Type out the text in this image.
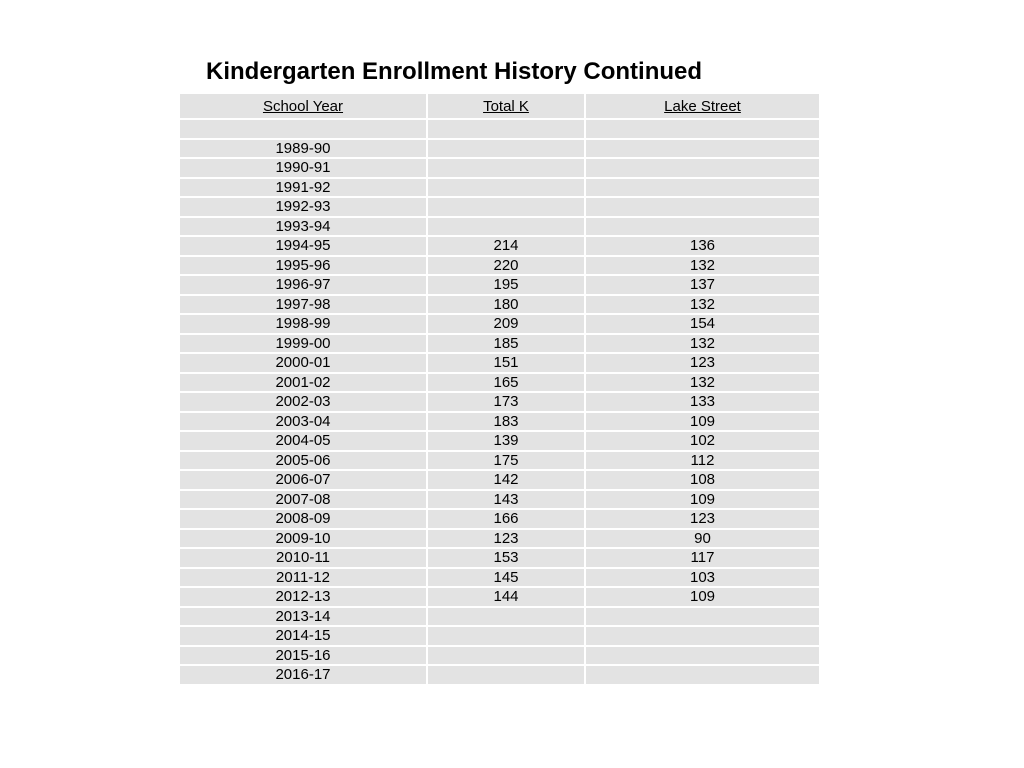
Kindergarten Enrollment History Continued
School Year	Total K	Lake Street

1989-90		
1990-91		
1991-92		
1992-93		
1993-94		
1994-95	214	136
1995-96	220	132
1996-97	195	137
1997-98	180	132
1998-99	209	154
1999-00	185	132
2000-01	151	123
2001-02	165	132
2002-03	173	133
2003-04	183	109
2004-05	139	102
2005-06	175	112
2006-07	142	108
2007-08	143	109
2008-09	166	123
2009-10	123	90
2010-11	153	117
2011-12	145	103
2012-13	144	109
2013-14		
2014-15		
2015-16		
2016-17		
